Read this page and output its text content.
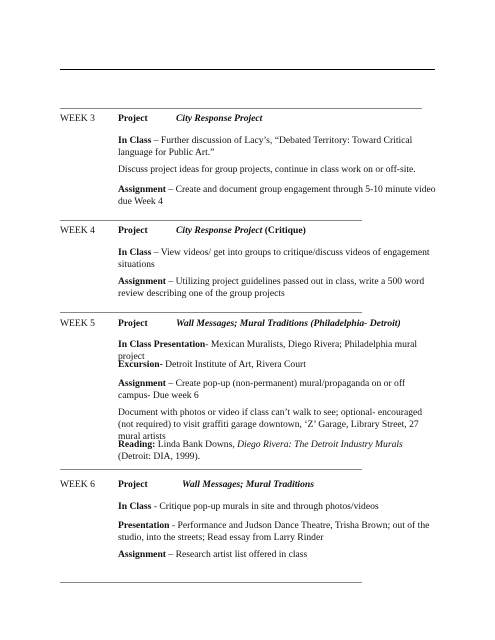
WEEK 3 Project	City Response Project

In Class – Further discussion of Lacy’s, “Debated Territory: Toward Critical language for Public Art.”

Discuss project ideas for group projects, continue in class work on or off-site.

Assignment – Create and document group engagement through 5-10 minute video due Week 4

WEEK 4 Project	City Response Project (Critique)

In Class – View videos/ get into groups to critique/discuss videos of engagement situations

Assignment – Utilizing project guidelines passed out in class, write a 500 word review describing one of the group projects

WEEK 5 Project	Wall Messages; Mural Traditions (Philadelphia- Detroit)

In Class Presentation- Mexican Muralists, Diego Rivera; Philadelphia mural project

Excursion- Detroit Institute of Art, Rivera Court

Assignment – Create pop-up (non-permanent) mural/propaganda on or off campus- Due week 6

Document with photos or video if class can’t walk to see; optional- encouraged (not required) to visit graffiti garage downtown, ‘Z’ Garage, Library Street, 27 mural artists

Reading: Linda Bank Downs, Diego Rivera: The Detroit Industry Murals (Detroit: DIA, 1999).

WEEK 6 Project	Wall Messages; Mural Traditions

In Class - Critique pop-up murals in site and through photos/videos

Presentation - Performance and Judson Dance Theatre, Trisha Brown; out of the studio, into the streets; Read essay from Larry Rinder

Assignment – Research artist list offered in class
